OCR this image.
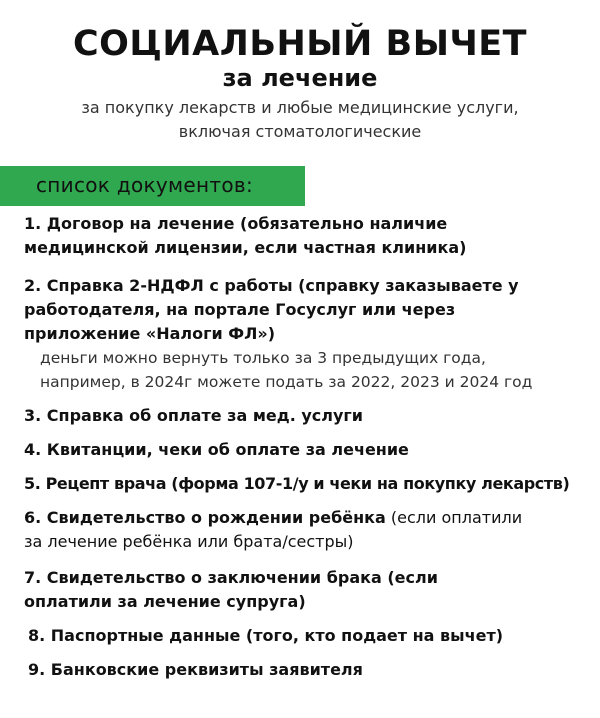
СОЦИАЛЬНЫЙ ВЫЧЕТ
за лечение
за покупку лекарств и любые медицинские услуги,
включая стоматологические
список документов:
1. Договор на лечение (обязательно наличие
медицинской лицензии, если частная клиника)
2. Справка 2-НДФЛ с работы (справку заказываете у
работодателя, на портале Госуслуг или через
приложение «Налоги ФЛ»)
деньги можно вернуть только за 3 предыдущих года,
например, в 2024г можете подать за 2022, 2023 и 2024 год
3. Справка об оплате за мед. услуги
4. Квитанции, чеки об оплате за лечение
5. Рецепт врача (форма 107-1/у и чеки на покупку лекарств)
6. Свидетельство о рождении ребёнка (если оплатили
за лечение ребёнка или брата/сестры)
7. Свидетельство о заключении брака (если
оплатили за лечение супруга)
8. Паспортные данные (того, кто подает на вычет)
9. Банковские реквизиты заявителя
